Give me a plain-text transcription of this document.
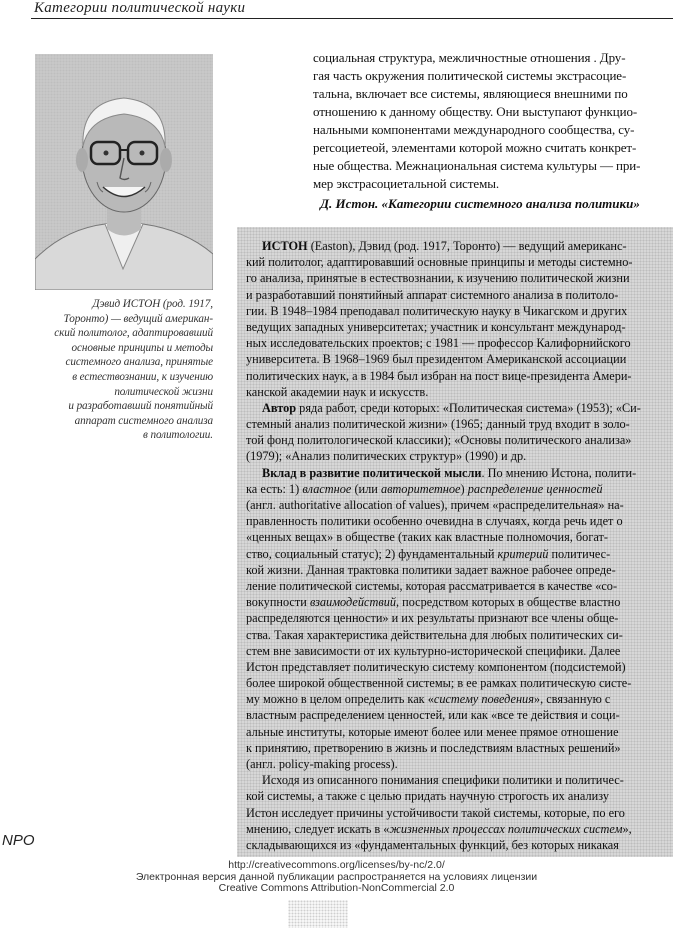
Категории политической науки
Дэвид ИСТОН (род. 1917,
Торонто) — ведущий американ-
ский политолог, адаптировавший
основные принципы и методы
системного анализа, принятые
в естествознании, к изучению
политической жизни
и разработавший понятийный
аппарат системного анализа
в политологии.
социальная структура, межличностные отношения . Дру-
гая часть окружения политической системы экстрасоциe-
тальна, включает все системы, являющиеся внешними по
отношению к данному обществу. Они выступают функцио-
нальными компонентами международного сообщества, су-
perсоциетеой, элементами которой можно считать конкрет-
ные общества. Межнациональная система культуры — при-
мер экстрасоциетальной системы.
Д. Истон. «Категории системного анализа политики»
ИСТОН (Easton), Дэвид (род. 1917, Торонто) — ведущий американс-
кий политолог, адаптировавший основные принципы и методы системно-
го анализа, принятые в естествознании, к изучению политической жизни
и разработавший понятийный аппарат системного анализа в политоло-
гии. В 1948–1984 преподавал политическую науку в Чикагском и других
ведущих западных университетах; участник и консультант международ-
ных исследовательских проектов; с 1981 — профессор Калифорнийского
университета. В 1968–1969 был президентом Американской ассоциации
политических наук, а в 1984 был избран на пост вице-президента Амери-
канской академии наук и искусств.
Автор ряда работ, среди которых: «Политическая система» (1953); «Си-
стемный анализ политической жизни» (1965; данный труд входит в золо-
той фонд политологической классики); «Основы политического анализа»
(1979); «Анализ политических структур» (1990) и др.
Вклад в развитие политической мысли. По мнению Истона, полити-
ка есть: 1) властное (или авторитетное) распределение ценностей
(англ. authoritative allocation of values), причем «распределительная» на-
правленность политики особенно очевидна в случаях, когда речь идет о
«ценных вещах» в обществе (таких как властные полномочия, богат-
ство, социальный статус); 2) фундаментальный критерий политичес-
кой жизни. Данная трактовка политики задает важное рабочее опреде-
ление политической системы, которая рассматривается в качестве «со-
вокупности взаимодействий, посредством которых в обществе властно
распределяются ценности» и их результаты признают все члены обще-
ства. Такая характеристика действительна для любых политических си-
стем вне зависимости от их культурно-исторической специфики. Далее
Истон представляет политическую систему компонентом (подсистемой)
более широкой общественной системы; в ее рамках политическую систе-
му можно в целом определить как «систему поведения», связанную с
властным распределением ценностей, или как «все те действия и соци-
альные институты, которые имеют более или менее прямое отношение
к принятию, претворению в жизнь и последствиям властных решений»
(англ. policy-making process).
Исходя из описанного понимания специфики политики и политичес-
кой системы, а также с целью придать научную строгость их анализу
Истон исследует причины устойчивости такой системы, которые, по его
мнению, следует искать в «жизненных процессах политических систем»,
складывающихся из «фундаментальных функций, без которых никакая
NPO
http://creativecommons.org/licenses/by-nc/2.0/
Электронная версия данной публикации распространяется на условиях лицензии
Creative Commons Attribution-NonCommercial 2.0
